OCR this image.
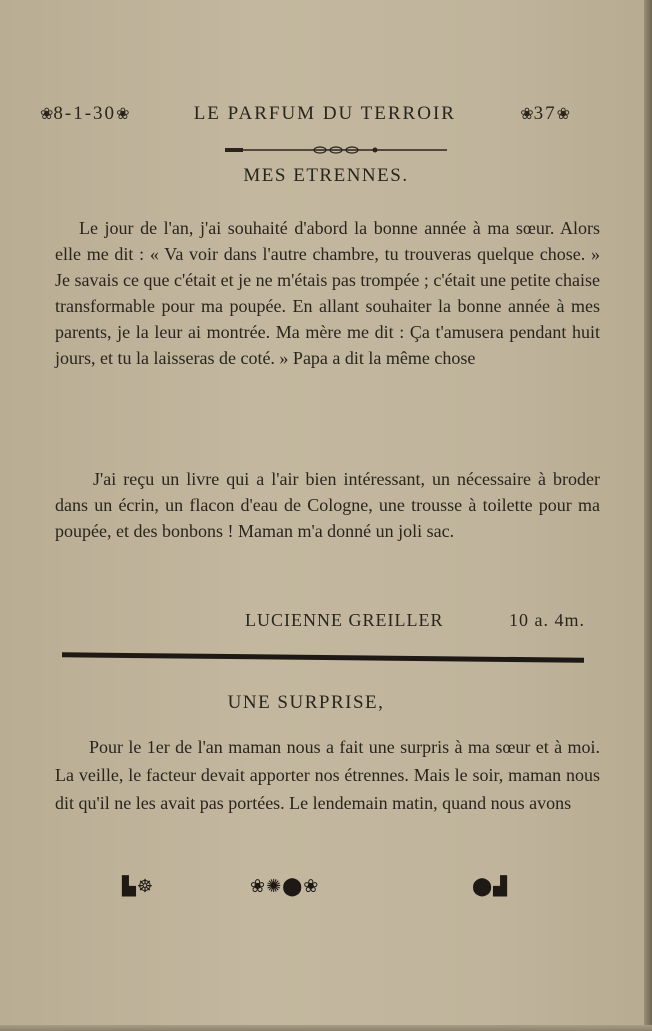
❀8-1-30❀	LE PARFUM DU TERROIR	❀37❀
MES ETRENNES.
Le jour de l'an, j'ai souhaité d'abord la bonne année à ma sœur. Alors elle me dit : « Va voir dans l'autre chambre, tu trouveras quelque chose. » Je savais ce que c'était et je ne m'étais pas trompée ; c'était une petite chaise transformable pour ma poupée. En allant souhaiter la bonne année à mes parents, je la leur ai montrée. Ma mère me dit : Ça t'amusera pendant huit jours, et tu la laisseras de coté. » Papa a dit la même chose
J'ai reçu un livre qui a l'air bien intéressant, un nécessaire à broder dans un écrin, un flacon d'eau de Cologne, une trousse à toilette pour ma poupée, et des bonbons ! Maman m'a donné un joli sac.
LUCIENNE GREILLER	10 a. 4m.
UNE SURPRISE,
Pour le 1er de l'an maman nous a fait une surpris à ma sœur et à moi. La veille, le facteur devait apporter nos étrennes. Mais le soir, maman nous dit qu'il ne les avait pas portées. Le lendemain matin, quand nous avons
▙☸	❀✺⬤❀	⬤▟
